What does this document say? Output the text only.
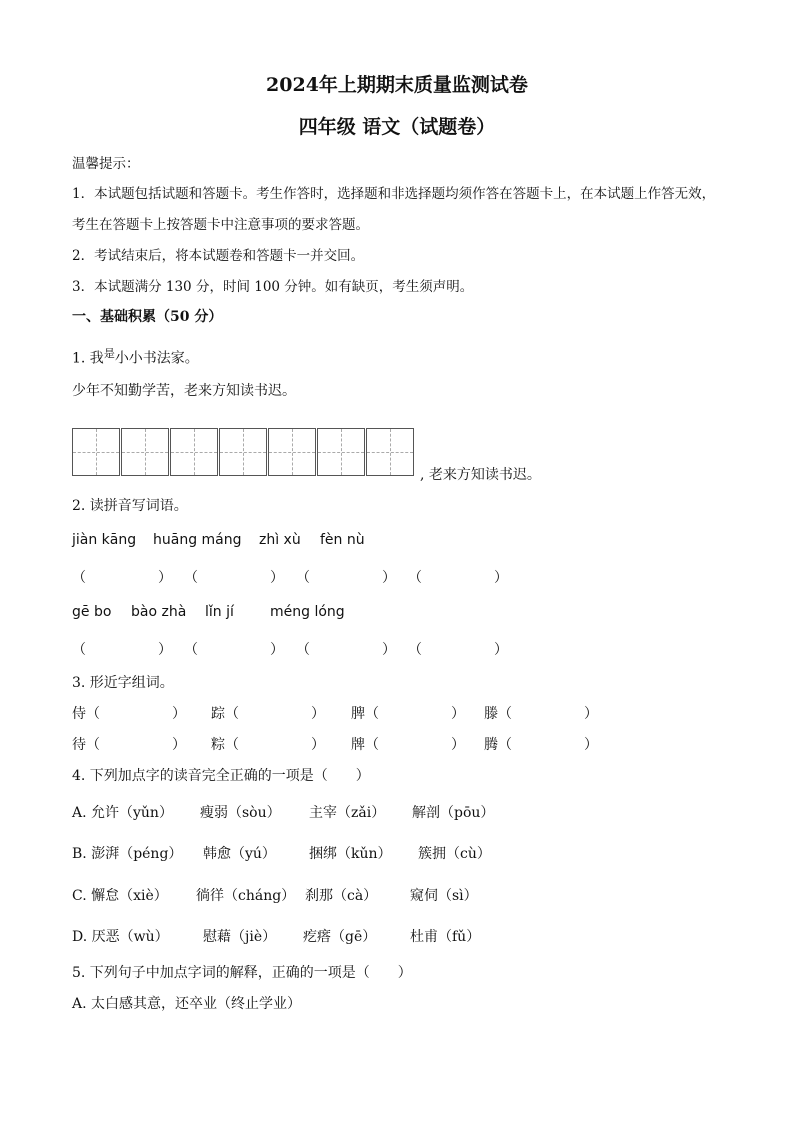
2024年上期期末质量监测试卷
四年级 语文（试题卷）
温馨提示：
1．本试题包括试题和答题卡。考生作答时，选择题和非选择题均须作答在答题卡上，在本试题上作答无效，
考生在答题卡上按答题卡中注意事项的要求答题。
2．考试结束后，将本试题卷和答题卡一并交回。
3．本试题满分 130 分，时间 100 分钟。如有缺页，考生须声明。
一、基础积累（50 分）
1. 我$^是$小小书法家。
少年不知勤学苦，老来方知读书迟。
, 老来方知读书迟。
2. 读拼音写词语。
jiàn kāng huāng máng zhì xù fèn nù
（	） （	） （	） （	）
gē bo bào zhà lǐn jí	méng lóng
（	） （	） （	） （	）
3. 形近字组词。
侍（	） 踪（	） 脾（	） 滕（	）
待（	） 粽（	） 牌（	） 腾（	）
4. 下列加点字的读音完全正确的一项是（　　）
A. 允许（yǔn） 瘦弱（sòu） 主宰（zǎi） 解剖（pōu）
B. 澎湃（péng） 韩愈（yú） 捆绑（kǔn） 簇拥（cù）
C. 懈怠（xiè） 徜徉（cháng） 刹那（cà） 窥伺（sì）
D. 厌恶（wù） 慰藉（jiè） 疙瘩（gē） 杜甫（fǔ）
5. 下列句子中加点字词的解释，正确的一项是（　　）
A. 太白感其意，还卒业（终止学业）
